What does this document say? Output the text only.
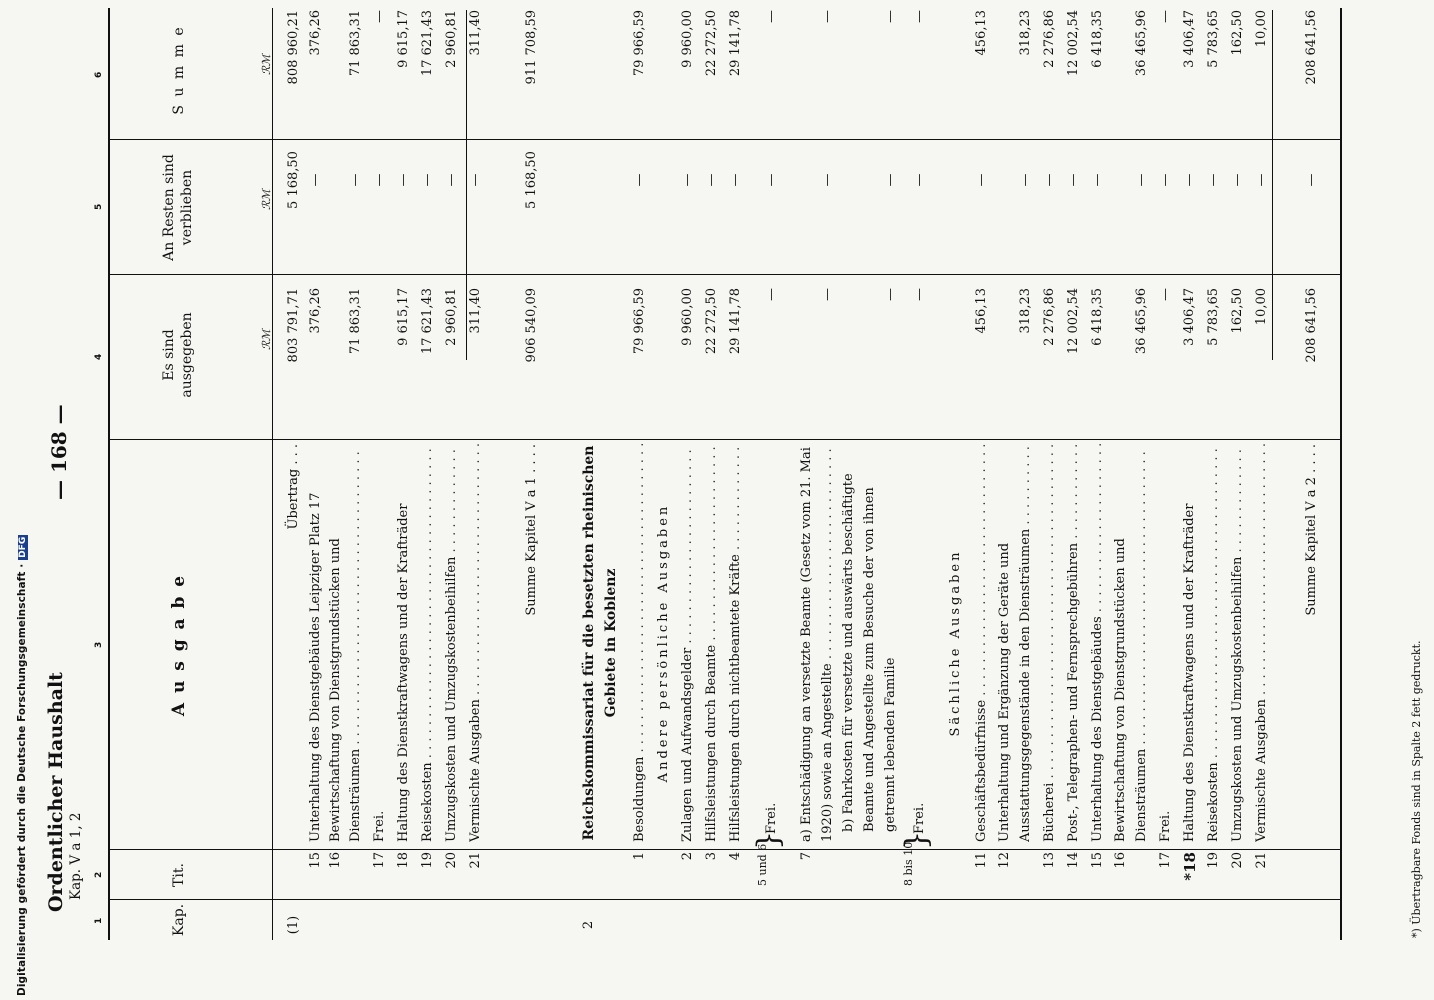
Digitalisierung gefördert durch die Deutsche Forschungsgemeinschaft · DFG
Ordentlicher Haushalt Kap. V a 1, 2
— 168 —
1
2
3
4
5
6
Kap.
Tit.
A u s g a b e
Es sind ausgegeben
An Resten sind verblieben
S u m m e
ℛℳ
ℛℳ
ℛℳ
(1)
Übertrag . . .
803 791,71
5 168,50
808 960,21
15
Unterhaltung des Dienstgebäudes Leipziger Platz 17
376,26
—
376,26
16
Bewirtschaftung von Dienstgrundstücken und Diensträumen . . .
71 863,31
—
71 863,31
17
Frei.
—
—
18
Haltung des Dienstkraftwagens und der Krafträder
9 615,17
—
9 615,17
19
Reisekosten . . .
17 621,43
—
17 621,43
20
Umzugskosten und Umzugskostenbeihilfen . . .
2 960,81
—
2 960,81
21
Vermischte Ausgaben . . .
311,40
—
311,40
Summe Kapitel V a 1 . . . .
906 540,09
5 168,50
911 708,59
2
Reichskommissariat für die besetzten rheinischen Gebiete in Koblenz
1
Besoldungen . . .
79 966,59
—
79 966,59
Andere persönliche Ausgaben
2
Zulagen und Aufwandsgelder . . .
9 960,00
—
9 960,00
3
Hilfsleistungen durch Beamte . . .
22 272,50
—
22 272,50
4
Hilfsleistungen durch nichtbeamtete Kräfte . . .
29 141,78
—
29 141,78
5 und 6
}
Frei.
—
—
—
7
a) Entschädigung an versetzte Beamte (Gesetz vom 21. Mai 1920) sowie an Angestellte . . .
—
—
—
b) Fahrkosten für versetzte und auswärts beschäftigte Beamte und Angestellte zum Besuche der von ihnen getrennt lebenden Familie
—
—
—
8 bis 10
}
Frei.
—
—
—
Sächliche Ausgaben
11
Geschäftsbedürfnisse . . .
456,13
—
456,13
12
Unterhaltung und Ergänzung der Geräte und Ausstattungsgegenstände in den Diensträumen . . .
318,23
—
318,23
13
Bücherei . . .
2 276,86
—
2 276,86
14
Post-, Telegraphen- und Fernsprechgebühren . . .
12 002,54
—
12 002,54
15
Unterhaltung des Dienstgebäudes . . .
6 418,35
—
6 418,35
16
Bewirtschaftung von Dienstgrundstücken und Diensträumen . . .
36 465,96
—
36 465,96
17
Frei.
—
—
—
*18
Haltung des Dienstkraftwagens und der Krafträder
3 406,47
—
3 406,47
19
Reisekosten . . .
5 783,65
—
5 783,65
20
Umzugskosten und Umzugskostenbeihilfen . . .
162,50
—
162,50
21
Vermischte Ausgaben . . .
10,00
—
10,00
Summe Kapitel V a 2 . . . .
208 641,56
—
208 641,56
*) Übertragbare Fonds sind in Spalte 2 fett gedruckt.
